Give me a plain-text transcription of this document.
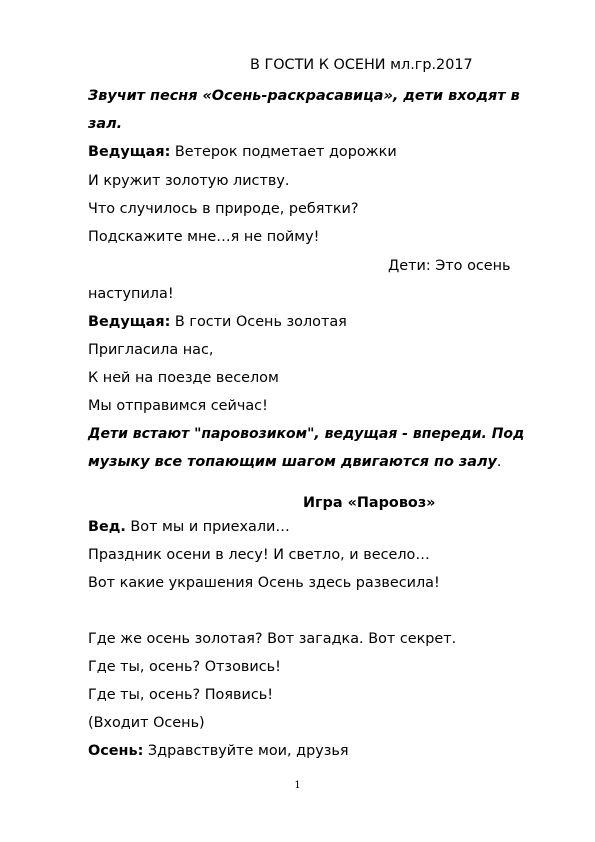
В ГОСТИ К ОСЕНИ мл.гр.2017
Звучит песня «Осень-раскрасавица», дети входят в
зал.
Ведущая: Ветерок подметает дорожки
И кружит золотую листву.
Что случилось в природе, ребятки?
Подскажите мне…я не пойму!
Дети: Это осень
наступила!
Ведущая: В гости Осень золотая
Пригласила нас,
К ней на поезде веселом
Мы отправимся сейчас!
Дети встают "паровозиком", ведущая - впереди. Под
музыку все топающим шагом двигаются по залу.
Игра «Паровоз»
Вед. Вот мы и приехали…
Праздник осени в лесу! И светло, и весело…
Вот какие украшения Осень здесь развесила!
Где же осень золотая? Вот загадка. Вот секрет.
Где ты, осень? Отзовись!
Где ты, осень? Появись!
(Входит Осень)
Осень: Здравствуйте мои, друзья
1
